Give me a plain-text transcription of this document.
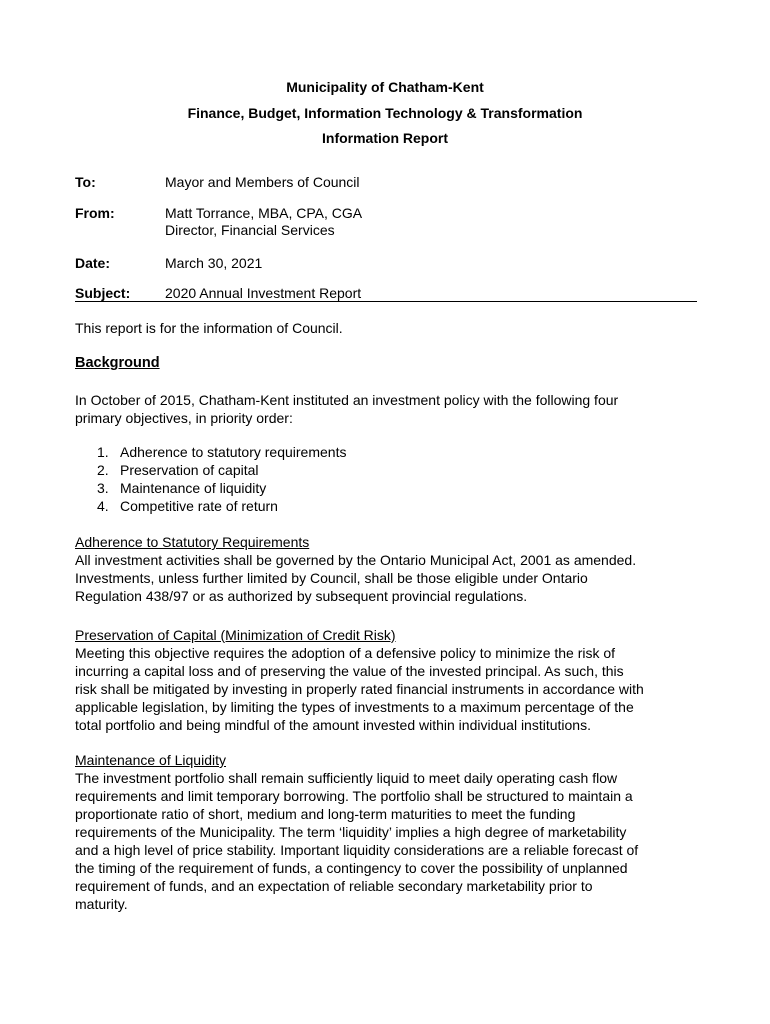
Municipality of Chatham-Kent
Finance, Budget, Information Technology & Transformation
Information Report
To:	Mayor and Members of Council
From:	Matt Torrance, MBA, CPA, CGA
Director, Financial Services
Date:	March 30, 2021
Subject: 2020 Annual Investment Report
This report is for the information of Council.
Background
In October of 2015, Chatham-Kent instituted an investment policy with the following four
primary objectives, in priority order:
1. Adherence to statutory requirements
2. Preservation of capital
3. Maintenance of liquidity
4. Competitive rate of return
Adherence to Statutory Requirements
All investment activities shall be governed by the Ontario Municipal Act, 2001 as amended.
Investments, unless further limited by Council, shall be those eligible under Ontario
Regulation 438/97 or as authorized by subsequent provincial regulations.
Preservation of Capital (Minimization of Credit Risk)
Meeting this objective requires the adoption of a defensive policy to minimize the risk of
incurring a capital loss and of preserving the value of the invested principal. As such, this
risk shall be mitigated by investing in properly rated financial instruments in accordance with
applicable legislation, by limiting the types of investments to a maximum percentage of the
total portfolio and being mindful of the amount invested within individual institutions.
Maintenance of Liquidity
The investment portfolio shall remain sufficiently liquid to meet daily operating cash flow
requirements and limit temporary borrowing. The portfolio shall be structured to maintain a
proportionate ratio of short, medium and long-term maturities to meet the funding
requirements of the Municipality. The term ‘liquidity’ implies a high degree of marketability
and a high level of price stability. Important liquidity considerations are a reliable forecast of
the timing of the requirement of funds, a contingency to cover the possibility of unplanned
requirement of funds, and an expectation of reliable secondary marketability prior to
maturity.
